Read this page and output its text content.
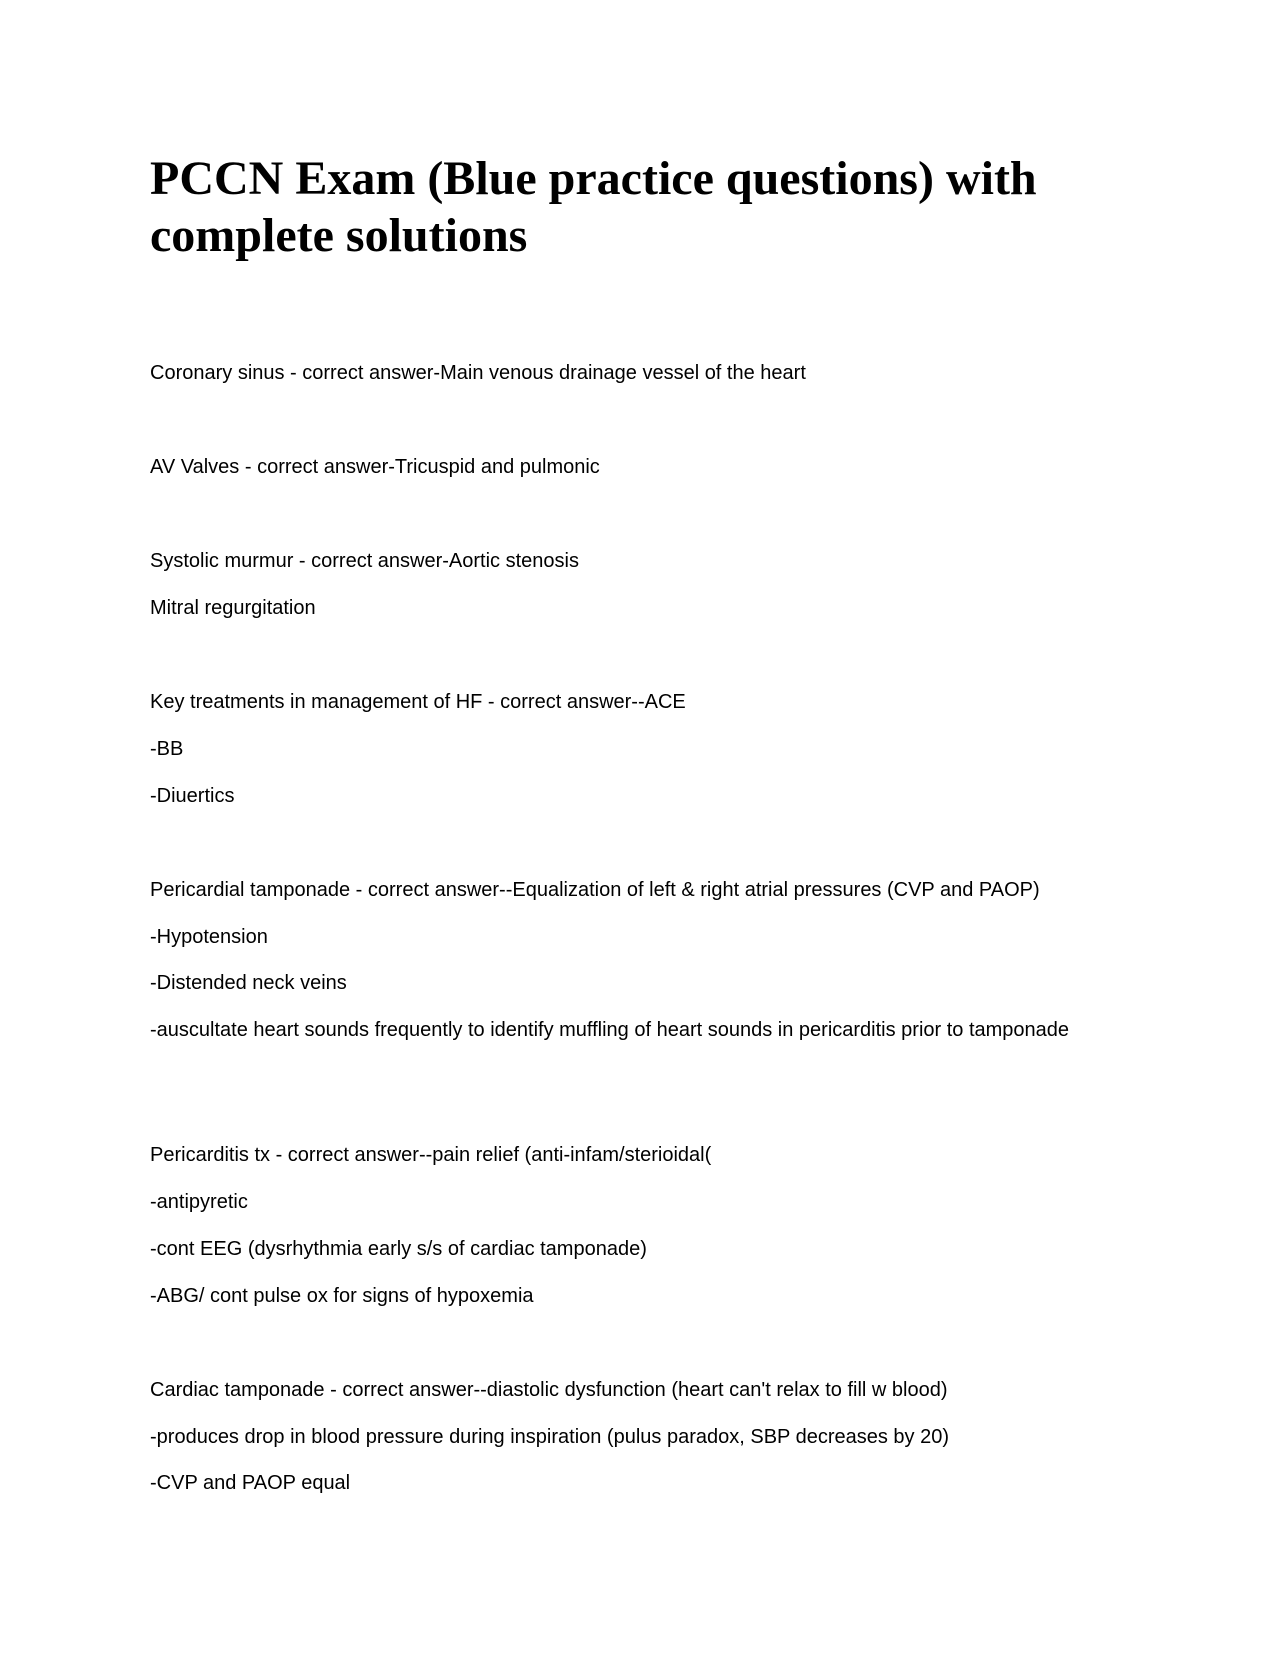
PCCN Exam (Blue practice questions) with complete solutions

Coronary sinus - correct answer-Main venous drainage vessel of the heart

AV Valves - correct answer-Tricuspid and pulmonic

Systolic murmur - correct answer-Aortic stenosis

Mitral regurgitation

Key treatments in management of HF - correct answer--ACE

-BB

-Diuertics

Pericardial tamponade - correct answer--Equalization of left & right atrial pressures (CVP and PAOP)

-Hypotension

-Distended neck veins

-auscultate heart sounds frequently to identify muffling of heart sounds in pericarditis prior to tamponade

Pericarditis tx - correct answer--pain relief (anti-infam/sterioidal(

-antipyretic

-cont EEG (dysrhythmia early s/s of cardiac tamponade)

-ABG/ cont pulse ox for signs of hypoxemia

Cardiac tamponade - correct answer--diastolic dysfunction (heart can't relax to fill w blood)

-produces drop in blood pressure during inspiration (pulus paradox, SBP decreases by 20)

-CVP and PAOP equal
